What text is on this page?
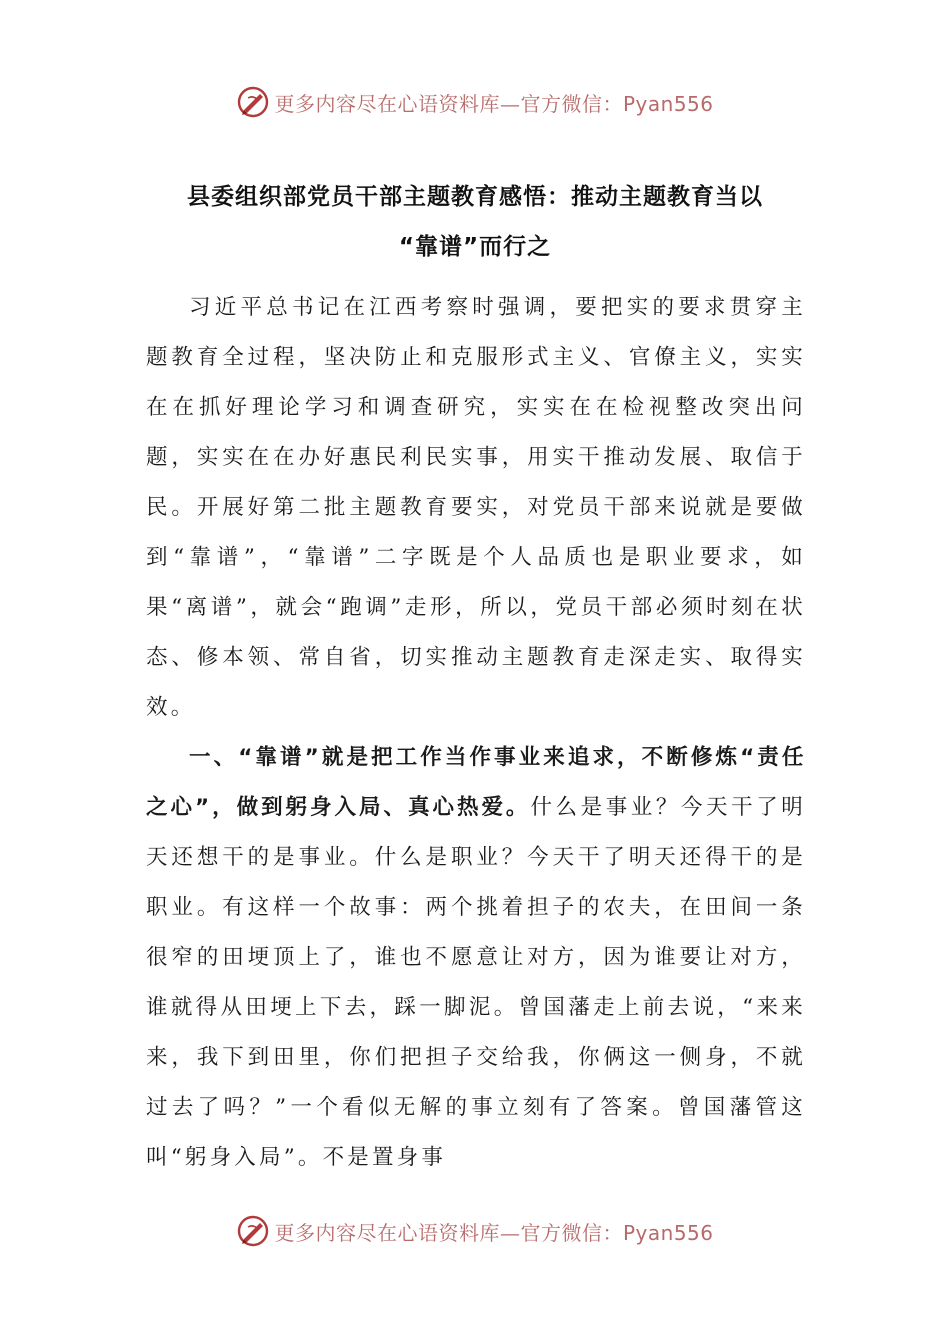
更多内容尽在心语资料库—官方微信：Pyan556
县委组织部党员干部主题教育感悟：推动主题教育当以
“靠谱”而行之

习近平总书记在江西考察时强调，要把实的要求贯穿主题教育全过程，坚决防止和克服形式主义、官僚主义，实实在在抓好理论学习和调查研究，实实在在检视整改突出问题，实实在在办好惠民利民实事，用实干推动发展、取信于民。开展好第二批主题教育要实，对党员干部来说就是要做到“靠谱”，“靠谱”二字既是个人品质也是职业要求，如果“离谱”，就会“跑调”走形，所以，党员干部必须时刻在状态、修本领、常自省，切实推动主题教育走深走实、取得实效。

一、“靠谱”就是把工作当作事业来追求，不断修炼“责任之心”，做到躬身入局、真心热爱。什么是事业？今天干了明天还想干的是事业。什么是职业？今天干了明天还得干的是职业。有这样一个故事：两个挑着担子的农夫，在田间一条很窄的田埂顶上了，谁也不愿意让对方，因为谁要让对方，谁就得从田埂上下去，踩一脚泥。曾国藩走上前去说，“来来来，我下到田里，你们把担子交给我，你俩这一侧身，不就过去了吗？”一个看似无解的事立刻有了答案。曾国藩管这叫“躬身入局”。不是置身事

更多内容尽在心语资料库—官方微信：Pyan556
